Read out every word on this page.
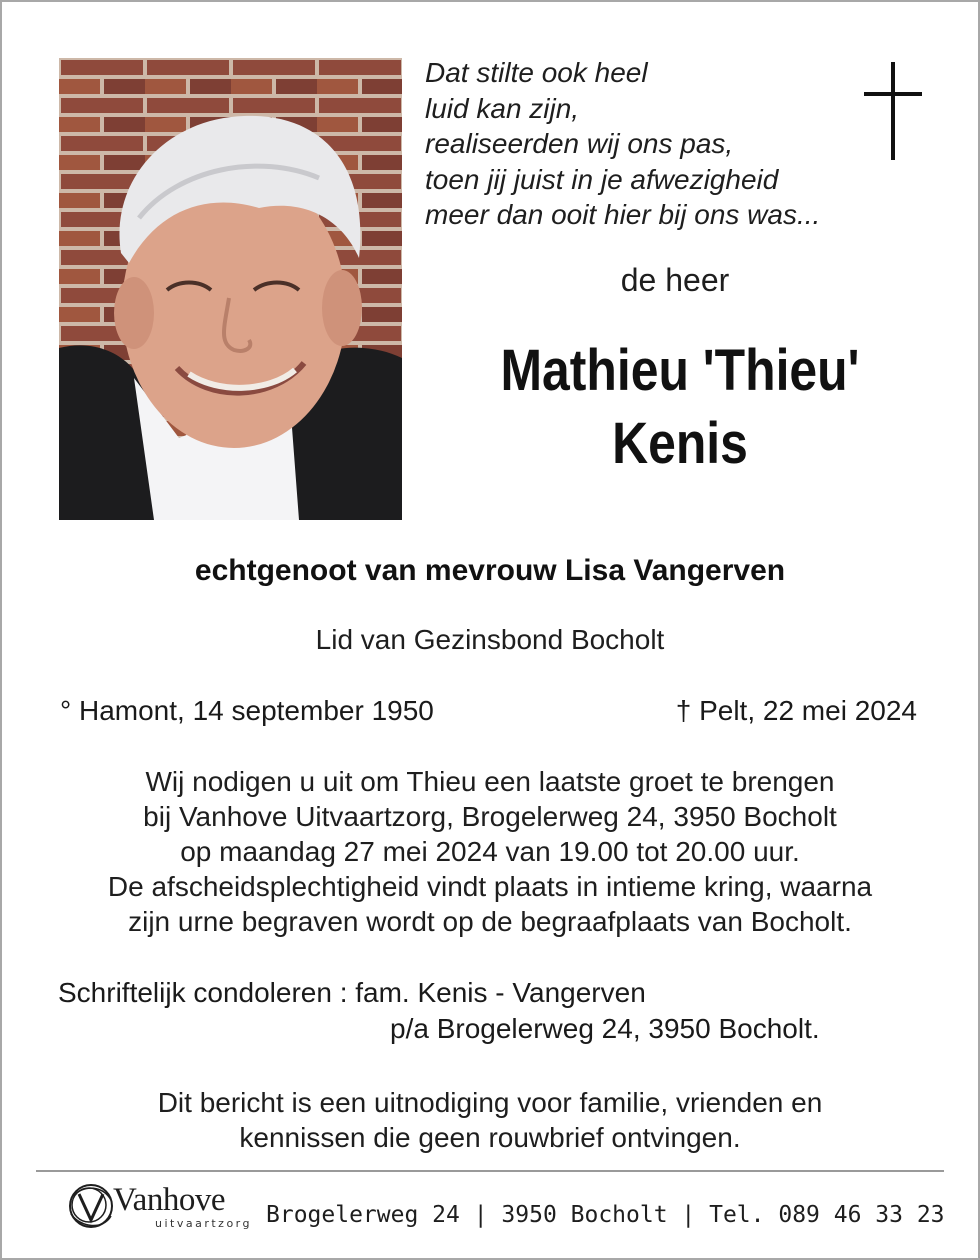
Dat stilte ook heel
luid kan zijn,
realiseerden wij ons pas,
toen jij juist in je afwezigheid
meer dan ooit hier bij ons was...
de heer
Mathieu 'Thieu'
Kenis
echtgenoot van mevrouw Lisa Vangerven
Lid van Gezinsbond Bocholt
° Hamont, 14 september 1950	† Pelt, 22 mei 2024
Wij nodigen u uit om Thieu een laatste groet te brengen
bij Vanhove Uitvaartzorg, Brogelerweg 24, 3950 Bocholt
op maandag 27 mei 2024 van 19.00 tot 20.00 uur.
De afscheidsplechtigheid vindt plaats in intieme kring, waarna
zijn urne begraven wordt op de begraafplaats van Bocholt.
Schriftelijk condoleren : fam. Kenis - Vangerven
p/a Brogelerweg 24, 3950 Bocholt.
Dit bericht is een uitnodiging voor familie, vrienden en
kennissen die geen rouwbrief ontvingen.
Vanhove
uitvaartzorg Brogelerweg 24 | 3950 Bocholt | Tel. 089 46 33 23
